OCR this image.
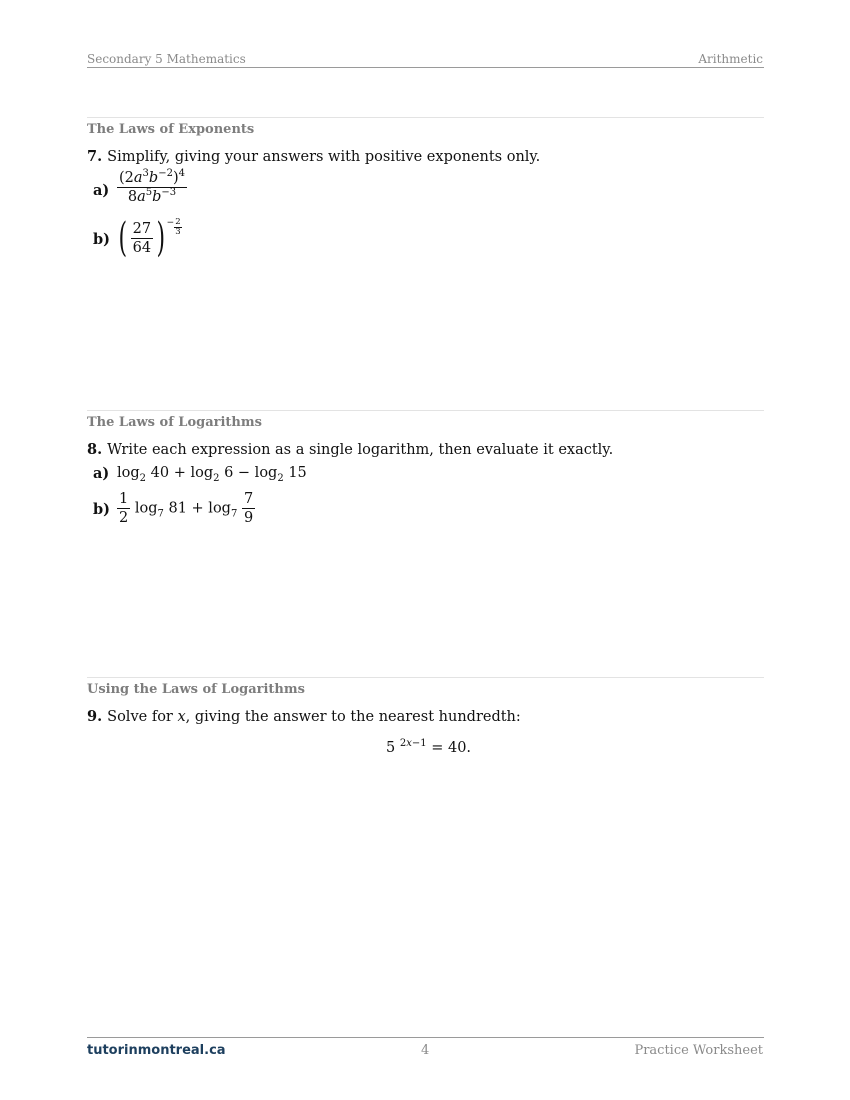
Secondary 5 Mathematics	Arithmetic
The Laws of Exponents
7. Simplify, giving your answers with positive exponents only.
$a) \frac{(2a^3b^{-2})^4}{8a^5b^{-3}}$
b) ( $\frac{27}{64}$ ) $^- \frac{2}{3}$
The Laws of Logarithms
8. Write each expression as a single logarithm, then evaluate it exactly.
a) $\log_2 40 + \log_2 6 - \log_2 15$
$b) \frac{1}{2} \log_7 81 + \log_7 \frac{7}{9}$
Using the Laws of Logarithms
9. Solve for x, giving the answer to the nearest hundredth:
5 $^{2x-1}$ = 40.
tutorinmontreal.ca	4	Practice Worksheet
